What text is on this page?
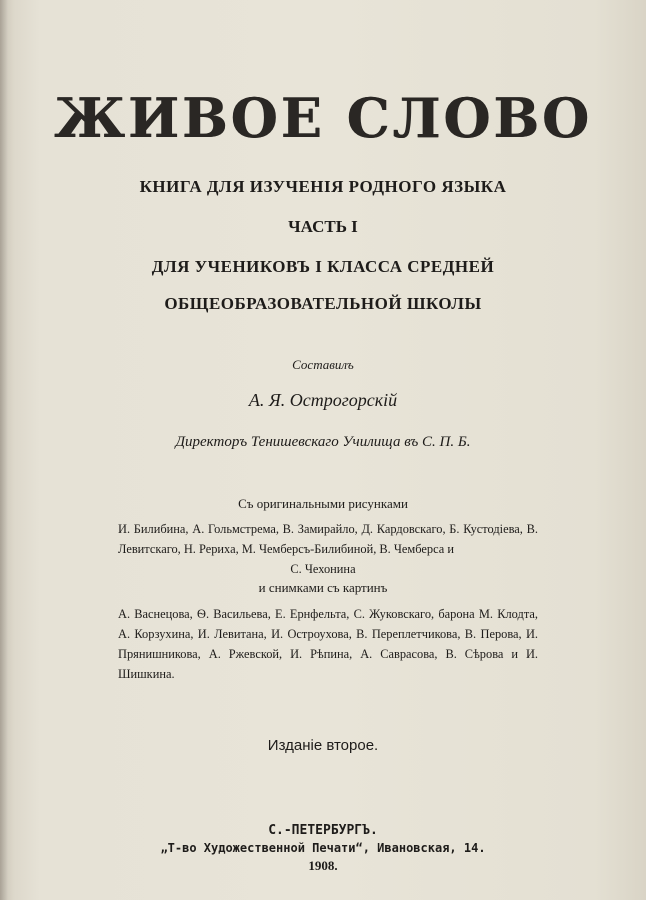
ЖИВОЕ СЛОВО
КНИГА ДЛЯ ИЗУЧЕНІЯ РОДНОГО ЯЗЫКА
ЧАСТЬ I
ДЛЯ УЧЕНИКОВЪ I КЛАССА СРЕДНЕЙ
ОБЩЕОБРАЗОВАТЕЛЬНОЙ ШКОЛЫ
Составилъ
А. Я. Острогорскій
Директоръ Тенишевскаго Училища въ С. П. Б.
Съ оригинальными рисунками
И. Билибина, А. Гольмстрема, В. Замирайло, Д. Кардовскаго, Б. Кустодіева, В. Левитскаго, Н. Рериха, М. Чемберсъ-Билибиной, В. Чемберса и
С. Чехонина
и снимками съ картинъ
А. Васнецова, Ѳ. Васильева, Е. Ернфельта, С. Жуковскаго, барона М. Клодта, А. Корзухина, И. Левитана, И. Остроухова, В. Переплетчикова, В. Перова, И. Прянишникова, А. Ржевской, И. Рѣпина, А. Саврасова, В. Сѣрова и И. Шишкина.
Изданіе второе.
С.-ПЕТЕРБУРГЪ.
„Т-во Художественной Печати“, Ивановская, 14.
1908.
